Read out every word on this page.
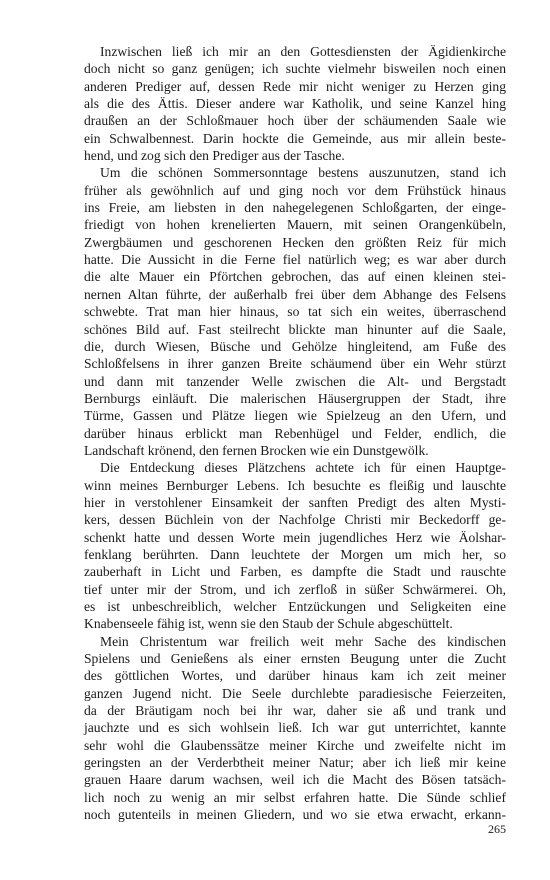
Inzwischen ließ ich mir an den Gottesdiensten der Ägidienkirche
doch nicht so ganz genügen; ich suchte vielmehr bisweilen noch einen
anderen Prediger auf, dessen Rede mir nicht weniger zu Herzen ging
als die des Ättis. Dieser andere war Katholik, und seine Kanzel hing
draußen an der Schloßmauer hoch über der schäumenden Saale wie
ein Schwalbennest. Darin hockte die Gemeinde, aus mir allein beste-
hend, und zog sich den Prediger aus der Tasche.
Um die schönen Sommersonntage bestens auszunutzen, stand ich
früher als gewöhnlich auf und ging noch vor dem Frühstück hinaus
ins Freie, am liebsten in den nahegelegenen Schloßgarten, der einge-
friedigt von hohen krenelierten Mauern, mit seinen Orangenkübeln,
Zwergbäumen und geschorenen Hecken den größten Reiz für mich
hatte. Die Aussicht in die Ferne fiel natürlich weg; es war aber durch
die alte Mauer ein Pförtchen gebrochen, das auf einen kleinen stei-
nernen Altan führte, der außerhalb frei über dem Abhange des Felsens
schwebte. Trat man hier hinaus, so tat sich ein weites, überraschend
schönes Bild auf. Fast steilrecht blickte man hinunter auf die Saale,
die, durch Wiesen, Büsche und Gehölze hingleitend, am Fuße des
Schloßfelsens in ihrer ganzen Breite schäumend über ein Wehr stürzt
und dann mit tanzender Welle zwischen die Alt- und Bergstadt
Bernburgs einläuft. Die malerischen Häusergruppen der Stadt, ihre
Türme, Gassen und Plätze liegen wie Spielzeug an den Ufern, und
darüber hinaus erblickt man Rebenhügel und Felder, endlich, die
Landschaft krönend, den fernen Brocken wie ein Dunstgewölk.
Die Entdeckung dieses Plätzchens achtete ich für einen Hauptge-
winn meines Bernburger Lebens. Ich besuchte es fleißig und lauschte
hier in verstohlener Einsamkeit der sanften Predigt des alten Mysti-
kers, dessen Büchlein von der Nachfolge Christi mir Beckedorff ge-
schenkt hatte und dessen Worte mein jugendliches Herz wie Äolshar-
fenklang berührten. Dann leuchtete der Morgen um mich her, so
zauberhaft in Licht und Farben, es dampfte die Stadt und rauschte
tief unter mir der Strom, und ich zerfloß in süßer Schwärmerei. Oh,
es ist unbeschreiblich, welcher Entzückungen und Seligkeiten eine
Knabenseele fähig ist, wenn sie den Staub der Schule abgeschüttelt.
Mein Christentum war freilich weit mehr Sache des kindischen
Spielens und Genießens als einer ernsten Beugung unter die Zucht
des göttlichen Wortes, und darüber hinaus kam ich zeit meiner
ganzen Jugend nicht. Die Seele durchlebte paradiesische Feierzeiten,
da der Bräutigam noch bei ihr war, daher sie aß und trank und
jauchzte und es sich wohlsein ließ. Ich war gut unterrichtet, kannte
sehr wohl die Glaubenssätze meiner Kirche und zweifelte nicht im
geringsten an der Verderbtheit meiner Natur; aber ich ließ mir keine
grauen Haare darum wachsen, weil ich die Macht des Bösen tatsäch-
lich noch zu wenig an mir selbst erfahren hatte. Die Sünde schlief
noch gutenteils in meinen Gliedern, und wo sie etwa erwacht, erkann-
265
